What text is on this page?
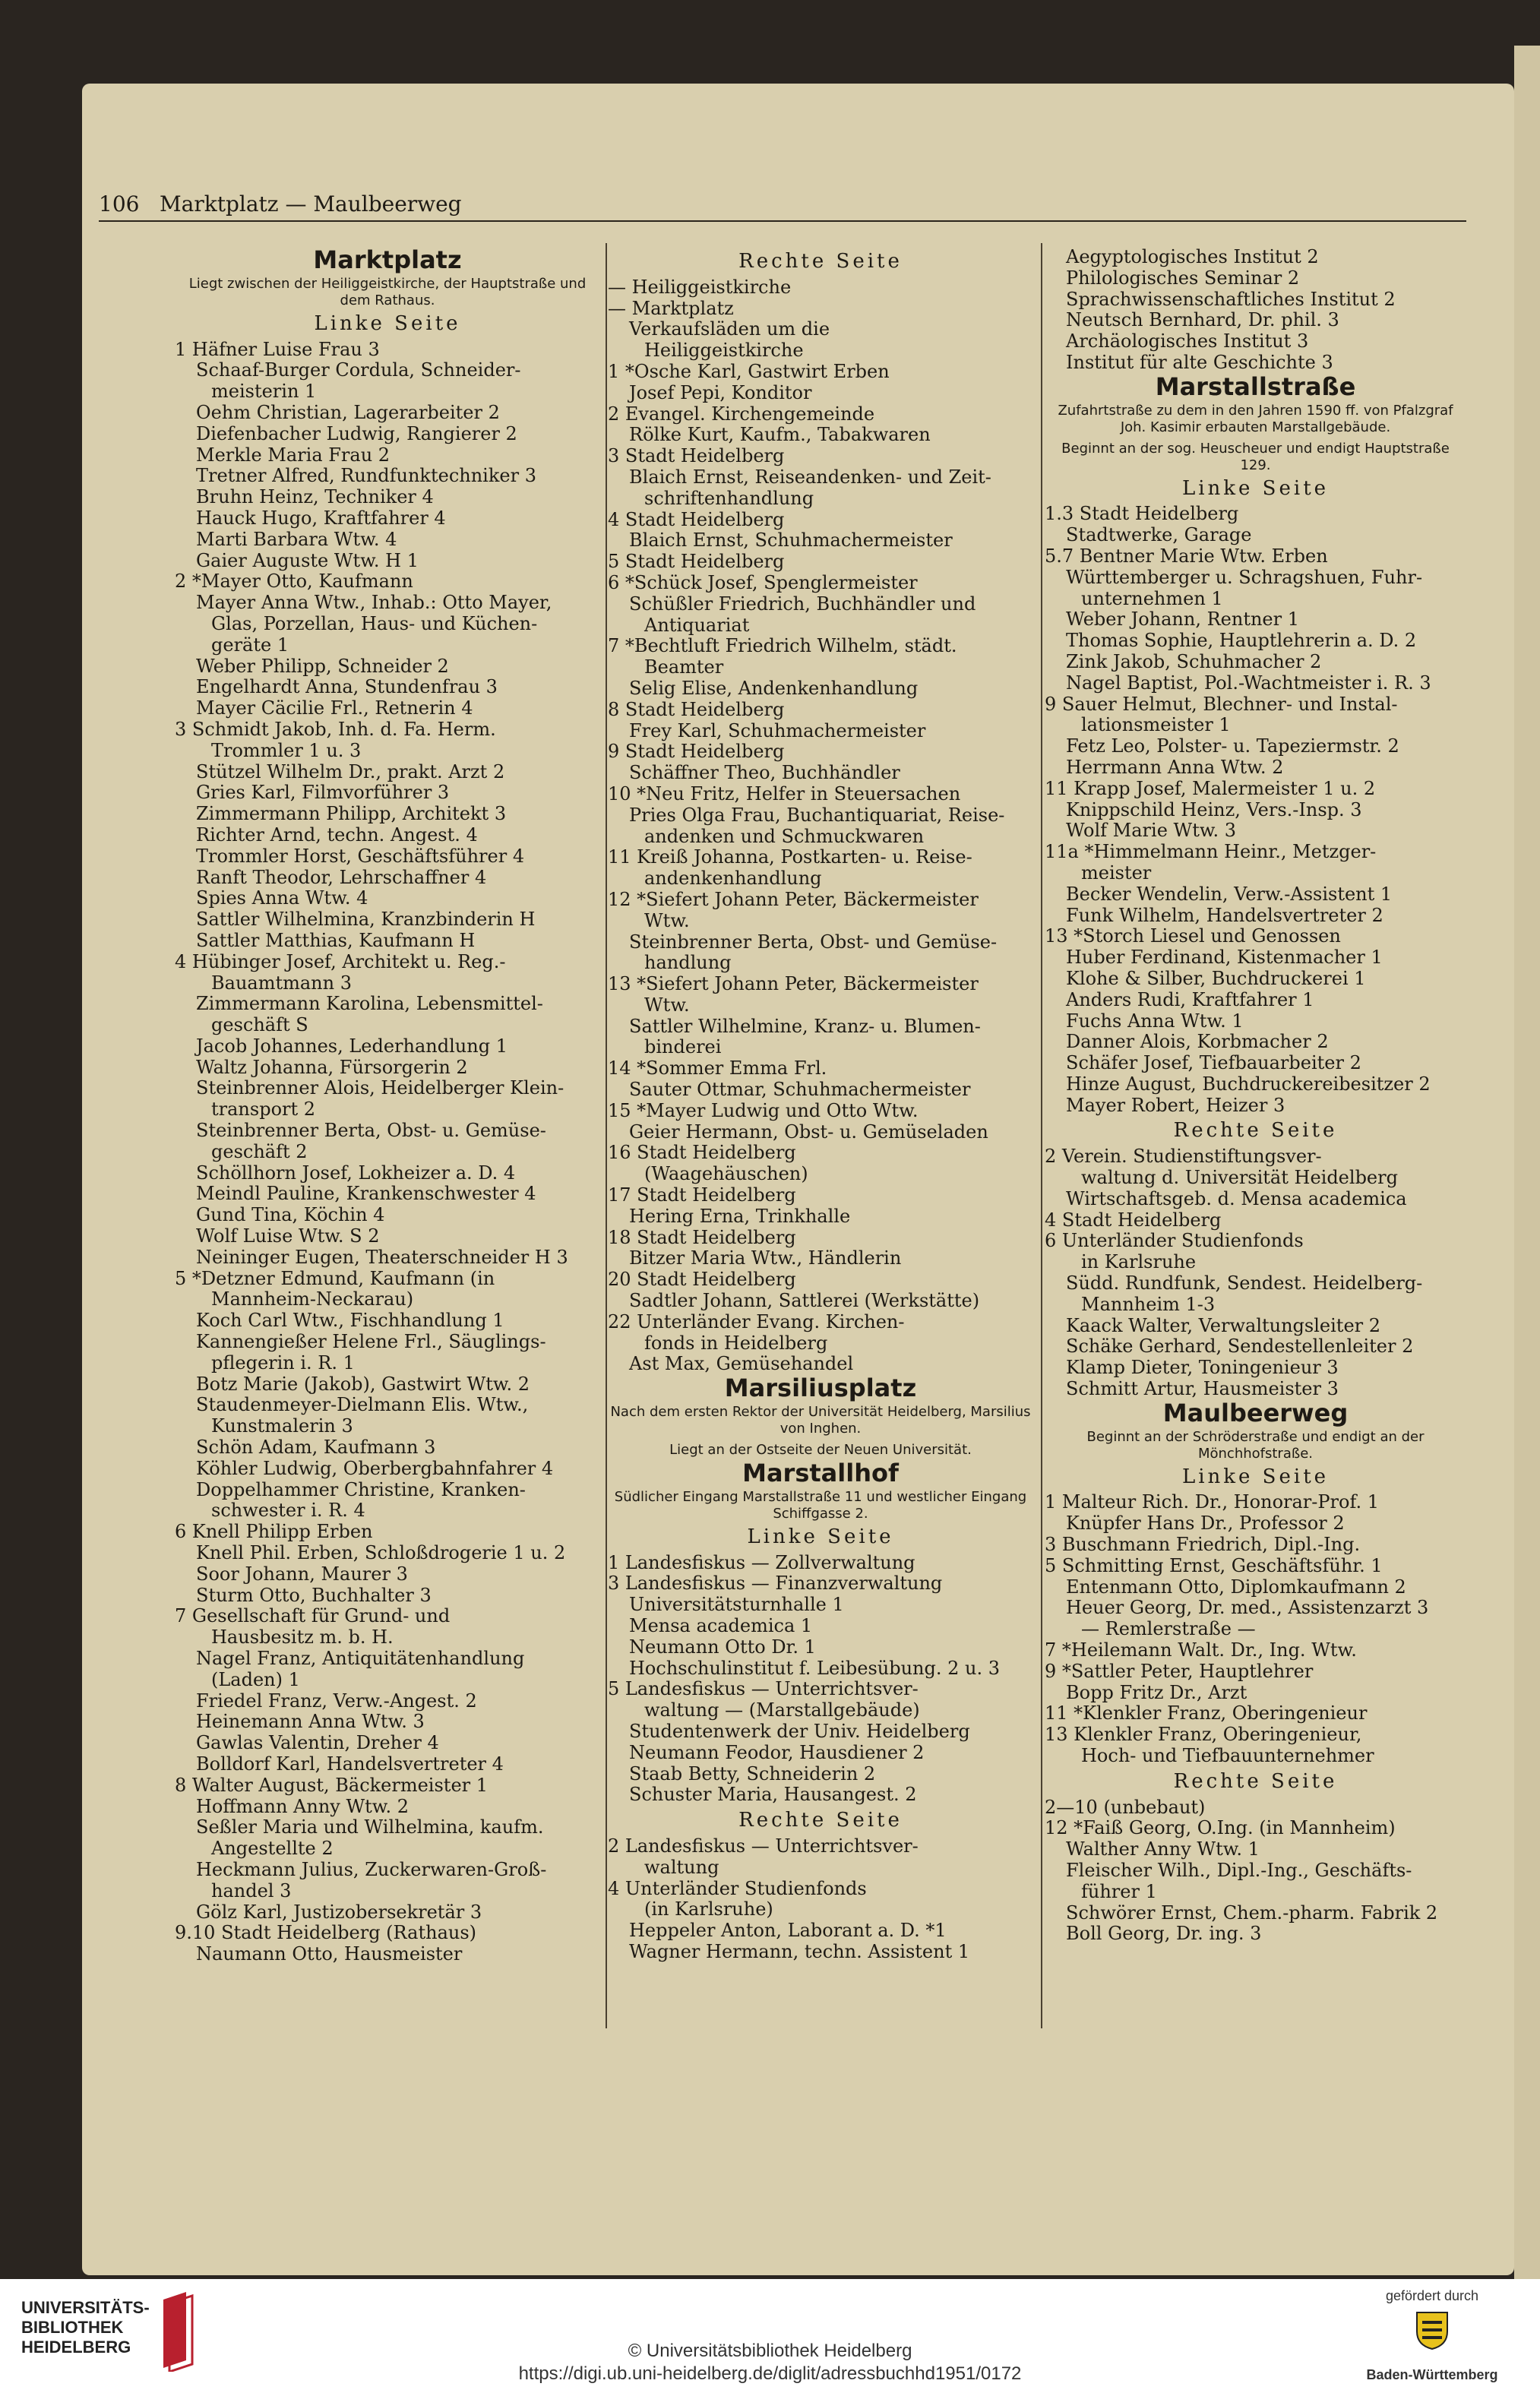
106 Marktplatz — Maulbeerweg
Marktplatz
Liegt zwischen der Heiliggeistkirche, der Hauptstraße und dem Rathaus.
Linke Seite
1 Häfner Luise Frau 3
Schaaf-Burger Cordula, Schneider-
meisterin 1
Oehm Christian, Lagerarbeiter 2
Diefenbacher Ludwig, Rangierer 2
Merkle Maria Frau 2
Tretner Alfred, Rundfunktechniker 3
Bruhn Heinz, Techniker 4
Hauck Hugo, Kraftfahrer 4
Marti Barbara Wtw. 4
Gaier Auguste Wtw. H 1
2 *Mayer Otto, Kaufmann
Mayer Anna Wtw., Inhab.: Otto Mayer,
Glas, Porzellan, Haus- und Küchen-
geräte 1
Weber Philipp, Schneider 2
Engelhardt Anna, Stundenfrau 3
Mayer Cäcilie Frl., Retnerin 4
3 Schmidt Jakob, Inh. d. Fa. Herm.
Trommler 1 u. 3
Stützel Wilhelm Dr., prakt. Arzt 2
Gries Karl, Filmvorführer 3
Zimmermann Philipp, Architekt 3
Richter Arnd, techn. Angest. 4
Trommler Horst, Geschäftsführer 4
Ranft Theodor, Lehrschaffner 4
Spies Anna Wtw. 4
Sattler Wilhelmina, Kranzbinderin H
Sattler Matthias, Kaufmann H
4 Hübinger Josef, Architekt u. Reg.-
Bauamtmann 3
Zimmermann Karolina, Lebensmittel-
geschäft S
Jacob Johannes, Lederhandlung 1
Waltz Johanna, Fürsorgerin 2
Steinbrenner Alois, Heidelberger Klein-
transport 2
Steinbrenner Berta, Obst- u. Gemüse-
geschäft 2
Schöllhorn Josef, Lokheizer a. D. 4
Meindl Pauline, Krankenschwester 4
Gund Tina, Köchin 4
Wolf Luise Wtw. S 2
Neininger Eugen, Theaterschneider H 3
5 *Detzner Edmund, Kaufmann (in
Mannheim-Neckarau)
Koch Carl Wtw., Fischhandlung 1
Kannengießer Helene Frl., Säuglings-
pflegerin i. R. 1
Botz Marie (Jakob), Gastwirt Wtw. 2
Staudenmeyer-Dielmann Elis. Wtw.,
Kunstmalerin 3
Schön Adam, Kaufmann 3
Köhler Ludwig, Oberbergbahnfahrer 4
Doppelhammer Christine, Kranken-
schwester i. R. 4
6 Knell Philipp Erben
Knell Phil. Erben, Schloßdrogerie 1 u. 2
Soor Johann, Maurer 3
Sturm Otto, Buchhalter 3
7 Gesellschaft für Grund- und
Hausbesitz m. b. H.
Nagel Franz, Antiquitätenhandlung
(Laden) 1
Friedel Franz, Verw.-Angest. 2
Heinemann Anna Wtw. 3
Gawlas Valentin, Dreher 4
Bolldorf Karl, Handelsvertreter 4
8 Walter August, Bäckermeister 1
Hoffmann Anny Wtw. 2
Seßler Maria und Wilhelmina, kaufm.
Angestellte 2
Heckmann Julius, Zuckerwaren-Groß-
handel 3
Gölz Karl, Justizobersekretär 3
9.10 Stadt Heidelberg (Rathaus)
Naumann Otto, Hausmeister
Rechte Seite
— Heiliggeistkirche
— Marktplatz
Verkaufsläden um die
Heiliggeistkirche
1 *Osche Karl, Gastwirt Erben
Josef Pepi, Konditor
2 Evangel. Kirchengemeinde
Rölke Kurt, Kaufm., Tabakwaren
3 Stadt Heidelberg
Blaich Ernst, Reiseandenken- und Zeit-
schriftenhandlung
4 Stadt Heidelberg
Blaich Ernst, Schuhmachermeister
5 Stadt Heidelberg
6 *Schück Josef, Spenglermeister
Schüßler Friedrich, Buchhändler und
Antiquariat
7 *Bechtluft Friedrich Wilhelm, städt.
Beamter
Selig Elise, Andenkenhandlung
8 Stadt Heidelberg
Frey Karl, Schuhmachermeister
9 Stadt Heidelberg
Schäffner Theo, Buchhändler
10 *Neu Fritz, Helfer in Steuersachen
Pries Olga Frau, Buchantiquariat, Reise-
andenken und Schmuckwaren
11 Kreiß Johanna, Postkarten- u. Reise-
andenkenhandlung
12 *Siefert Johann Peter, Bäckermeister
Wtw.
Steinbrenner Berta, Obst- und Gemüse-
handlung
13 *Siefert Johann Peter, Bäckermeister
Wtw.
Sattler Wilhelmine, Kranz- u. Blumen-
binderei
14 *Sommer Emma Frl.
Sauter Ottmar, Schuhmachermeister
15 *Mayer Ludwig und Otto Wtw.
Geier Hermann, Obst- u. Gemüseladen
16 Stadt Heidelberg
(Waagehäuschen)
17 Stadt Heidelberg
Hering Erna, Trinkhalle
18 Stadt Heidelberg
Bitzer Maria Wtw., Händlerin
20 Stadt Heidelberg
Sadtler Johann, Sattlerei (Werkstätte)
22 Unterländer Evang. Kirchen-
fonds in Heidelberg
Ast Max, Gemüsehandel
Marsiliusplatz
Nach dem ersten Rektor der Universität Heidelberg, Marsilius von Inghen.
Liegt an der Ostseite der Neuen Universität.
Marstallhof
Südlicher Eingang Marstallstraße 11 und westlicher Eingang Schiffgasse 2.
Linke Seite
1 Landesfiskus — Zollverwaltung
3 Landesfiskus — Finanzverwaltung
Universitätsturnhalle 1
Mensa academica 1
Neumann Otto Dr. 1
Hochschulinstitut f. Leibesübung. 2 u. 3
5 Landesfiskus — Unterrichtsver-
waltung — (Marstallgebäude)
Studentenwerk der Univ. Heidelberg
Neumann Feodor, Hausdiener 2
Staab Betty, Schneiderin 2
Schuster Maria, Hausangest. 2
Rechte Seite
2 Landesfiskus — Unterrichtsver-
waltung
4 Unterländer Studienfonds
(in Karlsruhe)
Heppeler Anton, Laborant a. D. *1
Wagner Hermann, techn. Assistent 1
Aegyptologisches Institut 2
Philologisches Seminar 2
Sprachwissenschaftliches Institut 2
Neutsch Bernhard, Dr. phil. 3
Archäologisches Institut 3
Institut für alte Geschichte 3
Marstallstraße
Zufahrtstraße zu dem in den Jahren 1590 ff. von Pfalzgraf Joh. Kasimir erbauten Marstallgebäude.
Beginnt an der sog. Heuscheuer und endigt Hauptstraße 129.
Linke Seite
1.3 Stadt Heidelberg
Stadtwerke, Garage
5.7 Bentner Marie Wtw. Erben
Württemberger u. Schragshuen, Fuhr-
unternehmen 1
Weber Johann, Rentner 1
Thomas Sophie, Hauptlehrerin a. D. 2
Zink Jakob, Schuhmacher 2
Nagel Baptist, Pol.-Wachtmeister i. R. 3
9 Sauer Helmut, Blechner- und Instal-
lationsmeister 1
Fetz Leo, Polster- u. Tapeziermstr. 2
Herrmann Anna Wtw. 2
11 Krapp Josef, Malermeister 1 u. 2
Knippschild Heinz, Vers.-Insp. 3
Wolf Marie Wtw. 3
11a *Himmelmann Heinr., Metzger-
meister
Becker Wendelin, Verw.-Assistent 1
Funk Wilhelm, Handelsvertreter 2
13 *Storch Liesel und Genossen
Huber Ferdinand, Kistenmacher 1
Klohe & Silber, Buchdruckerei 1
Anders Rudi, Kraftfahrer 1
Fuchs Anna Wtw. 1
Danner Alois, Korbmacher 2
Schäfer Josef, Tiefbauarbeiter 2
Hinze August, Buchdruckereibesitzer 2
Mayer Robert, Heizer 3
Rechte Seite
2 Verein. Studienstiftungsver-
waltung d. Universität Heidelberg
Wirtschaftsgeb. d. Mensa academica
4 Stadt Heidelberg
6 Unterländer Studienfonds
in Karlsruhe
Südd. Rundfunk, Sendest. Heidelberg-
Mannheim 1-3
Kaack Walter, Verwaltungsleiter 2
Schäke Gerhard, Sendestellenleiter 2
Klamp Dieter, Toningenieur 3
Schmitt Artur, Hausmeister 3
Maulbeerweg
Beginnt an der Schröderstraße und endigt an der Mönchhofstraße.
Linke Seite
1 Malteur Rich. Dr., Honorar-Prof. 1
Knüpfer Hans Dr., Professor 2
3 Buschmann Friedrich, Dipl.-Ing.
5 Schmitting Ernst, Geschäftsführ. 1
Entenmann Otto, Diplomkaufmann 2
Heuer Georg, Dr. med., Assistenzarzt 3
— Remlerstraße —
7 *Heilemann Walt. Dr., Ing. Wtw.
9 *Sattler Peter, Hauptlehrer
Bopp Fritz Dr., Arzt
11 *Klenkler Franz, Oberingenieur
13 Klenkler Franz, Oberingenieur,
Hoch- und Tiefbauunternehmer
Rechte Seite
2—10 (unbebaut)
12 *Faiß Georg, O.Ing. (in Mannheim)
Walther Anny Wtw. 1
Fleischer Wilh., Dipl.-Ing., Geschäfts-
führer 1
Schwörer Ernst, Chem.-pharm. Fabrik 2
Boll Georg, Dr. ing. 3
UNIVERSITÄTS-
BIBLIOTHEK
HEIDELBERG	© Universitätsbibliothek Heidelberg
https://digi.ub.uni-heidelberg.de/diglit/adressbuchhd1951/0172
gefördert durch
Baden-Württemberg
